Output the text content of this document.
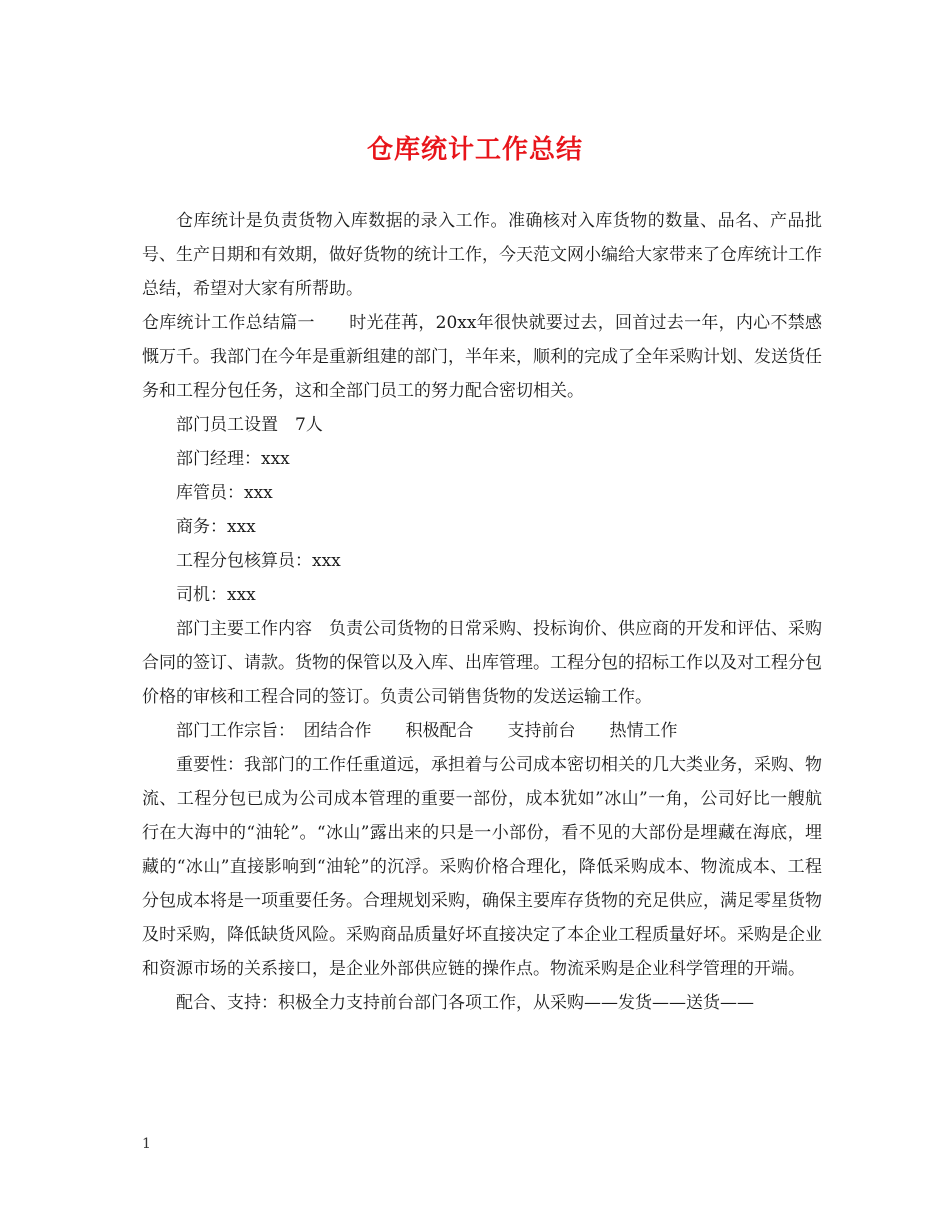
仓库统计工作总结

仓库统计是负责货物入库数据的录入工作。准确核对入库货物的数量、品名、产品批号、生产日期和有效期，做好货物的统计工作，今天范文网小编给大家带来了仓库统计工作总结，希望对大家有所帮助。

仓库统计工作总结篇一　　时光荏苒，20xx年很快就要过去，回首过去一年，内心不禁感慨万千。我部门在今年是重新组建的部门，半年来，顺利的完成了全年采购计划、发送货任务和工程分包任务，这和全部门员工的努力配合密切相关。

部门员工设置　7人

部门经理：xxx

库管员：xxx

商务：xxx

工程分包核算员：xxx

司机：xxx

部门主要工作内容　负责公司货物的日常采购、投标询价、供应商的开发和评估、采购合同的签订、请款。货物的保管以及入库、出库管理。工程分包的招标工作以及对工程分包价格的审核和工程合同的签订。负责公司销售货物的发送运输工作。

部门工作宗旨：　团结合作　　积极配合　　支持前台　　热情工作

重要性：我部门的工作任重道远，承担着与公司成本密切相关的几大类业务，采购、物流、工程分包已成为公司成本管理的重要一部份，成本犹如”冰山”一角，公司好比一艘航行在大海中的“油轮”。“冰山”露出来的只是一小部份，看不见的大部份是埋藏在海底，埋藏的“冰山”直接影响到“油轮”的沉浮。采购价格合理化，降低采购成本、物流成本、工程分包成本将是一项重要任务。合理规划采购，确保主要库存货物的充足供应，满足零星货物及时采购，降低缺货风险。采购商品质量好坏直接决定了本企业工程质量好坏。采购是企业和资源市场的关系接口，是企业外部供应链的操作点。物流采购是企业科学管理的开端。

配合、支持：积极全力支持前台部门各项工作，从采购——发货——送货——

1
